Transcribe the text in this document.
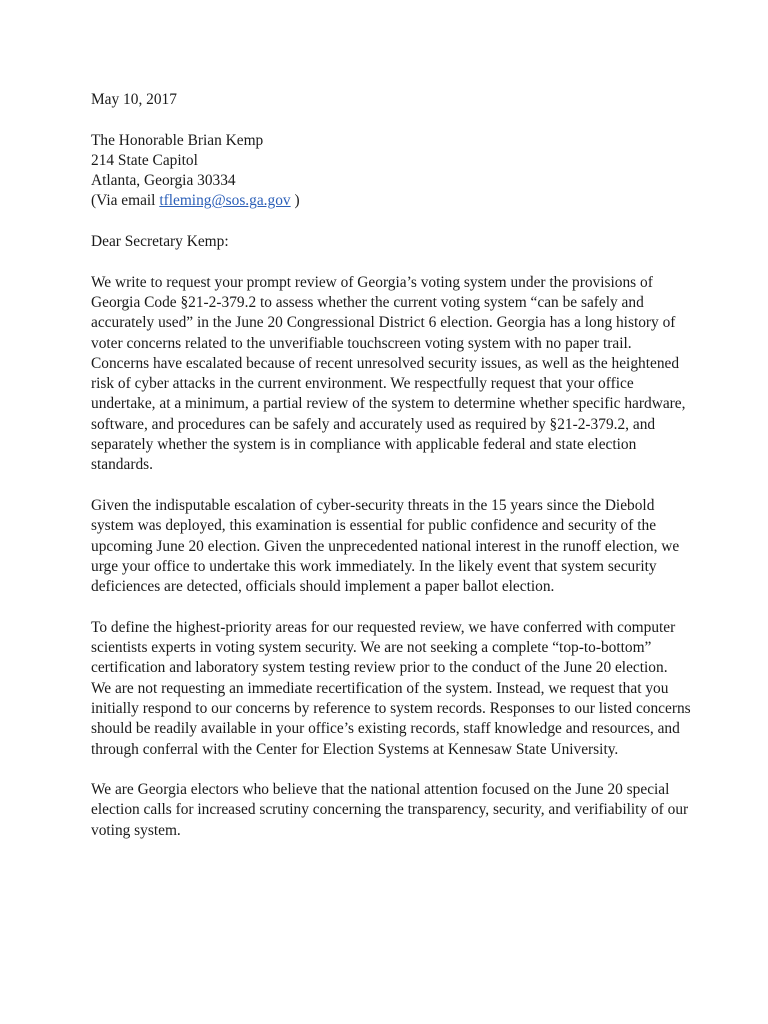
May 10, 2017

The Honorable Brian Kemp
214 State Capitol
Atlanta, Georgia 30334
(Via email tfleming@sos.ga.gov )

Dear Secretary Kemp:

We write to request your prompt review of Georgia’s voting system under the provisions of Georgia Code §21-2-379.2 to assess whether the current voting system “can be safely and accurately used” in the June 20 Congressional District 6 election. Georgia has a long history of voter concerns related to the unverifiable touchscreen voting system with no paper trail. Concerns have escalated because of recent unresolved security issues, as well as the heightened risk of cyber attacks in the current environment. We respectfully request that your office undertake, at a minimum, a partial review of the system to determine whether specific hardware, software, and procedures can be safely and accurately used as required by §21-2-379.2, and separately whether the system is in compliance with applicable federal and state election standards.

Given the indisputable escalation of cyber-security threats in the 15 years since the Diebold system was deployed, this examination is essential for public confidence and security of the upcoming June 20 election. Given the unprecedented national interest in the runoff election, we urge your office to undertake this work immediately. In the likely event that system security deficiences are detected, officials should implement a paper ballot election.

To define the highest-priority areas for our requested review, we have conferred with computer scientists experts in voting system security. We are not seeking a complete “top-to-bottom” certification and laboratory system testing review prior to the conduct of the June 20 election. We are not requesting an immediate recertification of the system. Instead, we request that you initially respond to our concerns by reference to system records. Responses to our listed concerns should be readily available in your office’s existing records, staff knowledge and resources, and through conferral with the Center for Election Systems at Kennesaw State University.

We are Georgia electors who believe that the national attention focused on the June 20 special election calls for increased scrutiny concerning the transparency, security, and verifiability of our voting system.
